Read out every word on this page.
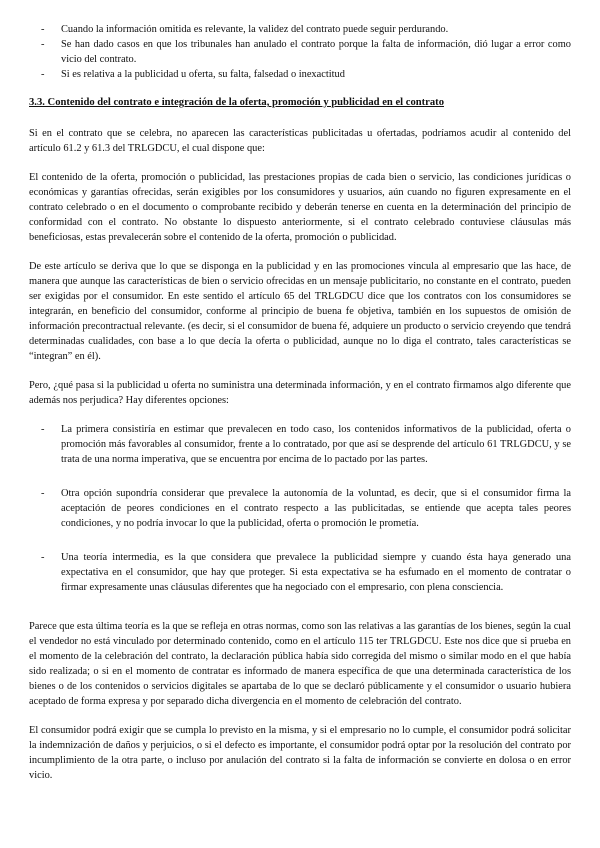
-	Cuando la información omitida es relevante, la validez del contrato puede seguir perdurando.
-	Se han dado casos en que los tribunales han anulado el contrato porque la falta de información, dió lugar a error como vicio del contrato.
-	Si es relativa a la publicidad u oferta, su falta, falsedad o inexactitud
3.3. Contenido del contrato e integración de la oferta, promoción y publicidad en el contrato

Si en el contrato que se celebra, no aparecen las características publicitadas u ofertadas, podríamos acudir al contenido del artículo 61.2 y 61.3 del TRLGDCU, el cual dispone que:

El contenido de la oferta, promoción o publicidad, las prestaciones propias de cada bien o servicio, las condiciones jurídicas o económicas y garantías ofrecidas, serán exigibles por los consumidores y usuarios, aún cuando no figuren expresamente en el contrato celebrado o en el documento o comprobante recibido y deberán tenerse en cuenta en la determinación del principio de conformidad con el contrato. No obstante lo dispuesto anteriormente, si el contrato celebrado contuviese cláusulas más beneficiosas, estas prevalecerán sobre el contenido de la oferta, promoción o publicidad.

De este artículo se deriva que lo que se disponga en la publicidad y en las promociones vincula al empresario que las hace, de manera que aunque las características de bien o servicio ofrecidas en un mensaje publicitario, no constante en el contrato, pueden ser exigidas por el consumidor. En este sentido el artículo 65 del TRLGDCU dice que los contratos con los consumidores se integrarán, en beneficio del consumidor, conforme al principio de buena fe objetiva, también en los supuestos de omisión de información precontractual relevante. (es decir, si el consumidor de buena fé, adquiere un producto o servicio creyendo que tendrá determinadas cualidades, con base a lo que decía la oferta o publicidad, aunque no lo diga el contrato, tales características se “integran” en él).

Pero, ¿qué pasa si la publicidad u oferta no suministra una determinada información, y en el contrato firmamos algo diferente que además nos perjudica? Hay diferentes opciones:

-	La primera consistiría en estimar que prevalecen en todo caso, los contenidos informativos de la publicidad, oferta o promoción más favorables al consumidor, frente a lo contratado, por que así se desprende del artículo 61 TRLGDCU, y se trata de una norma imperativa, que se encuentra por encima de lo pactado por las partes.
-	Otra opción supondría considerar que prevalece la autonomía de la voluntad, es decir, que si el consumidor firma la aceptación de peores condiciones en el contrato respecto a las publicitadas, se entiende que acepta tales peores condiciones, y no podría invocar lo que la publicidad, oferta o promoción le prometía.
-	Una teoría intermedia, es la que considera que prevalece la publicidad siempre y cuando ésta haya generado una expectativa en el consumidor, que hay que proteger. Si esta expectativa se ha esfumado en el momento de contratar o firmar expresamente unas cláusulas diferentes que ha negociado con el empresario, con plena consciencia.

Parece que esta última teoría es la que se refleja en otras normas, como son las relativas a las garantías de los bienes, según la cual el vendedor no está vinculado por determinado contenido, como en el artículo 115 ter TRLGDCU. Este nos dice que si prueba en el momento de la celebración del contrato, la declaración pública había sido corregida del mismo o similar modo en el que había sido realizada; o si en el momento de contratar es informado de manera específica de que una determinada característica de los bienes o de los contenidos o servicios digitales se apartaba de lo que se declaró públicamente y el consumidor o usuario hubiera aceptado de forma expresa y por separado dicha divergencia en el momento de celebración del contrato.

El consumidor podrá exigir que se cumpla lo previsto en la misma, y si el empresario no lo cumple, el consumidor podrá solicitar la indemnización de daños y perjuicios, o si el defecto es importante, el consumidor podrá optar por la resolución del contrato por incumplimiento de la otra parte, o incluso por anulación del contrato si la falta de información se convierte en dolosa o en error vicio.
